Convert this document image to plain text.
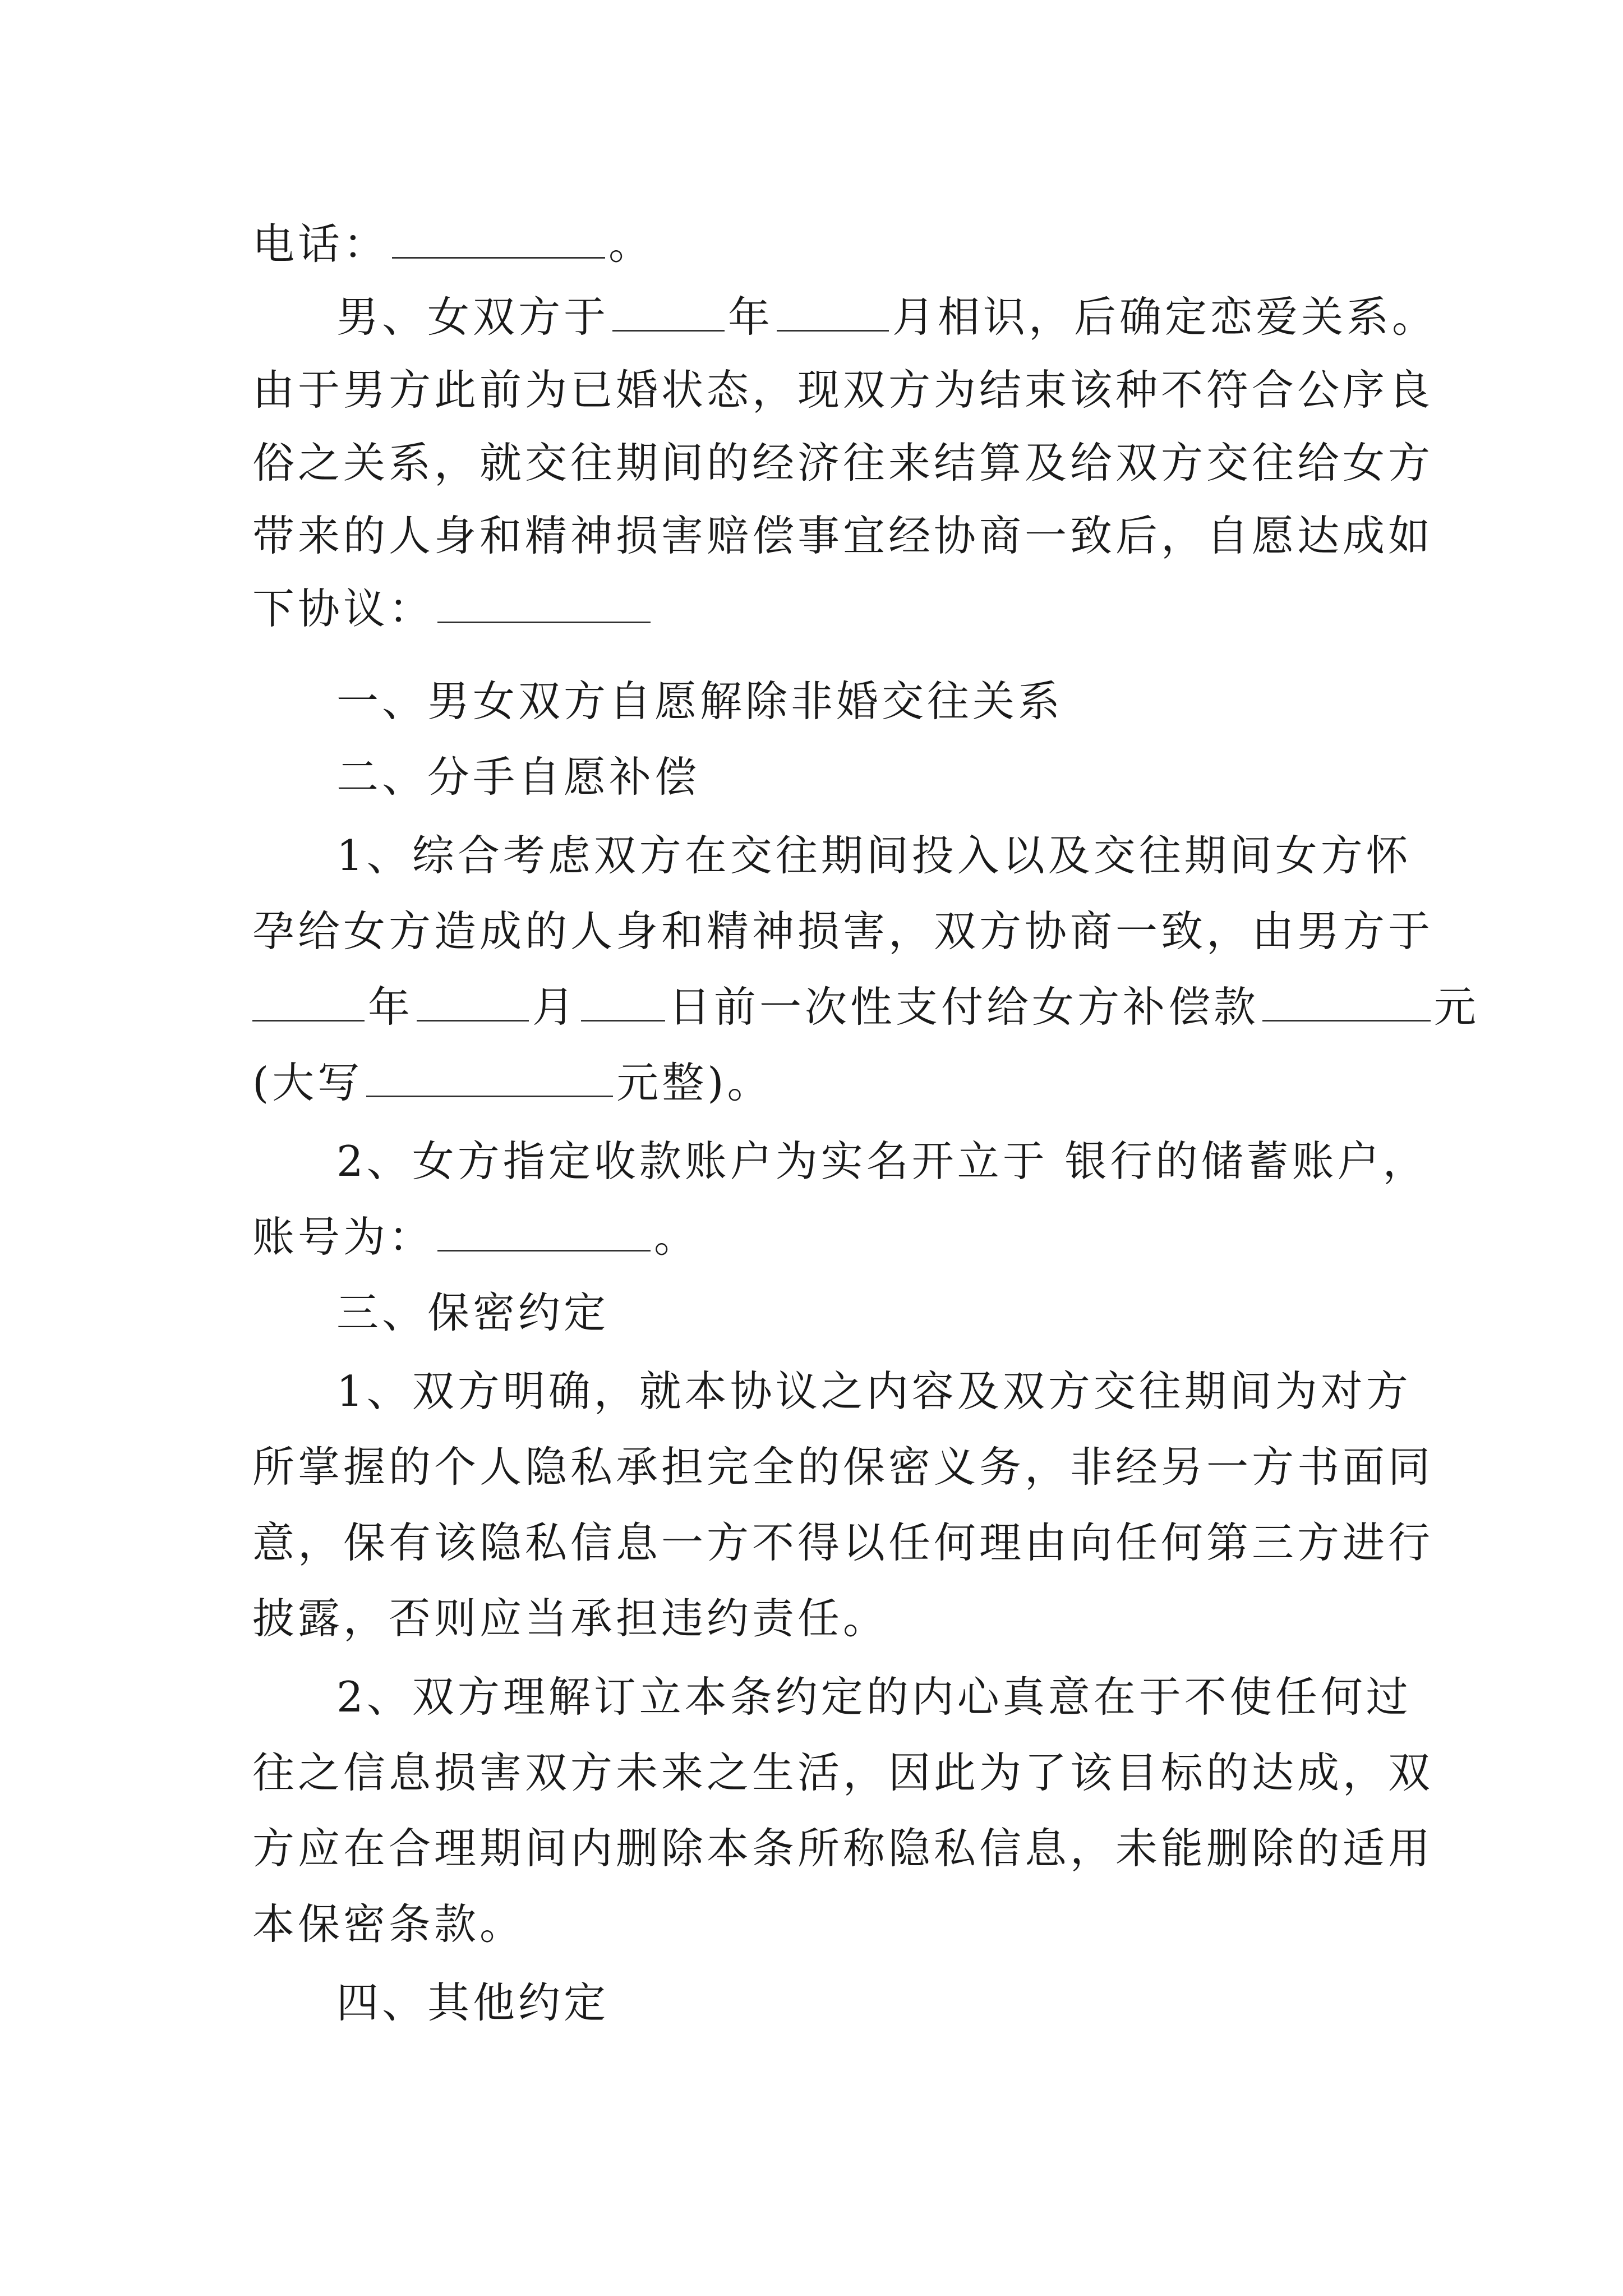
电话：	。
男、女双方于	年	月相识，后确定恋爱关系。
由于男方此前为已婚状态，现双方为结束该种不符合公序良
俗之关系，就交往期间的经济往来结算及给双方交往给女方
带来的人身和精神损害赔偿事宜经协商一致后，自愿达成如
下协议：
一、男女双方自愿解除非婚交往关系
二、分手自愿补偿
1、综合考虑双方在交往期间投入以及交往期间女方怀
孕给女方造成的人身和精神损害，双方协商一致，由男方于
年	月 日前一次性支付给女方补偿款	元
(大写	元整)。
2、女方指定收款账户为实名开立于 银行的储蓄账户，
账号为：	。
三、保密约定
1、双方明确，就本协议之内容及双方交往期间为对方
所掌握的个人隐私承担完全的保密义务，非经另一方书面同
意，保有该隐私信息一方不得以任何理由向任何第三方进行
披露，否则应当承担违约责任。
2、双方理解订立本条约定的内心真意在于不使任何过
往之信息损害双方未来之生活，因此为了该目标的达成，双
方应在合理期间内删除本条所称隐私信息，未能删除的适用
本保密条款。
四、其他约定
